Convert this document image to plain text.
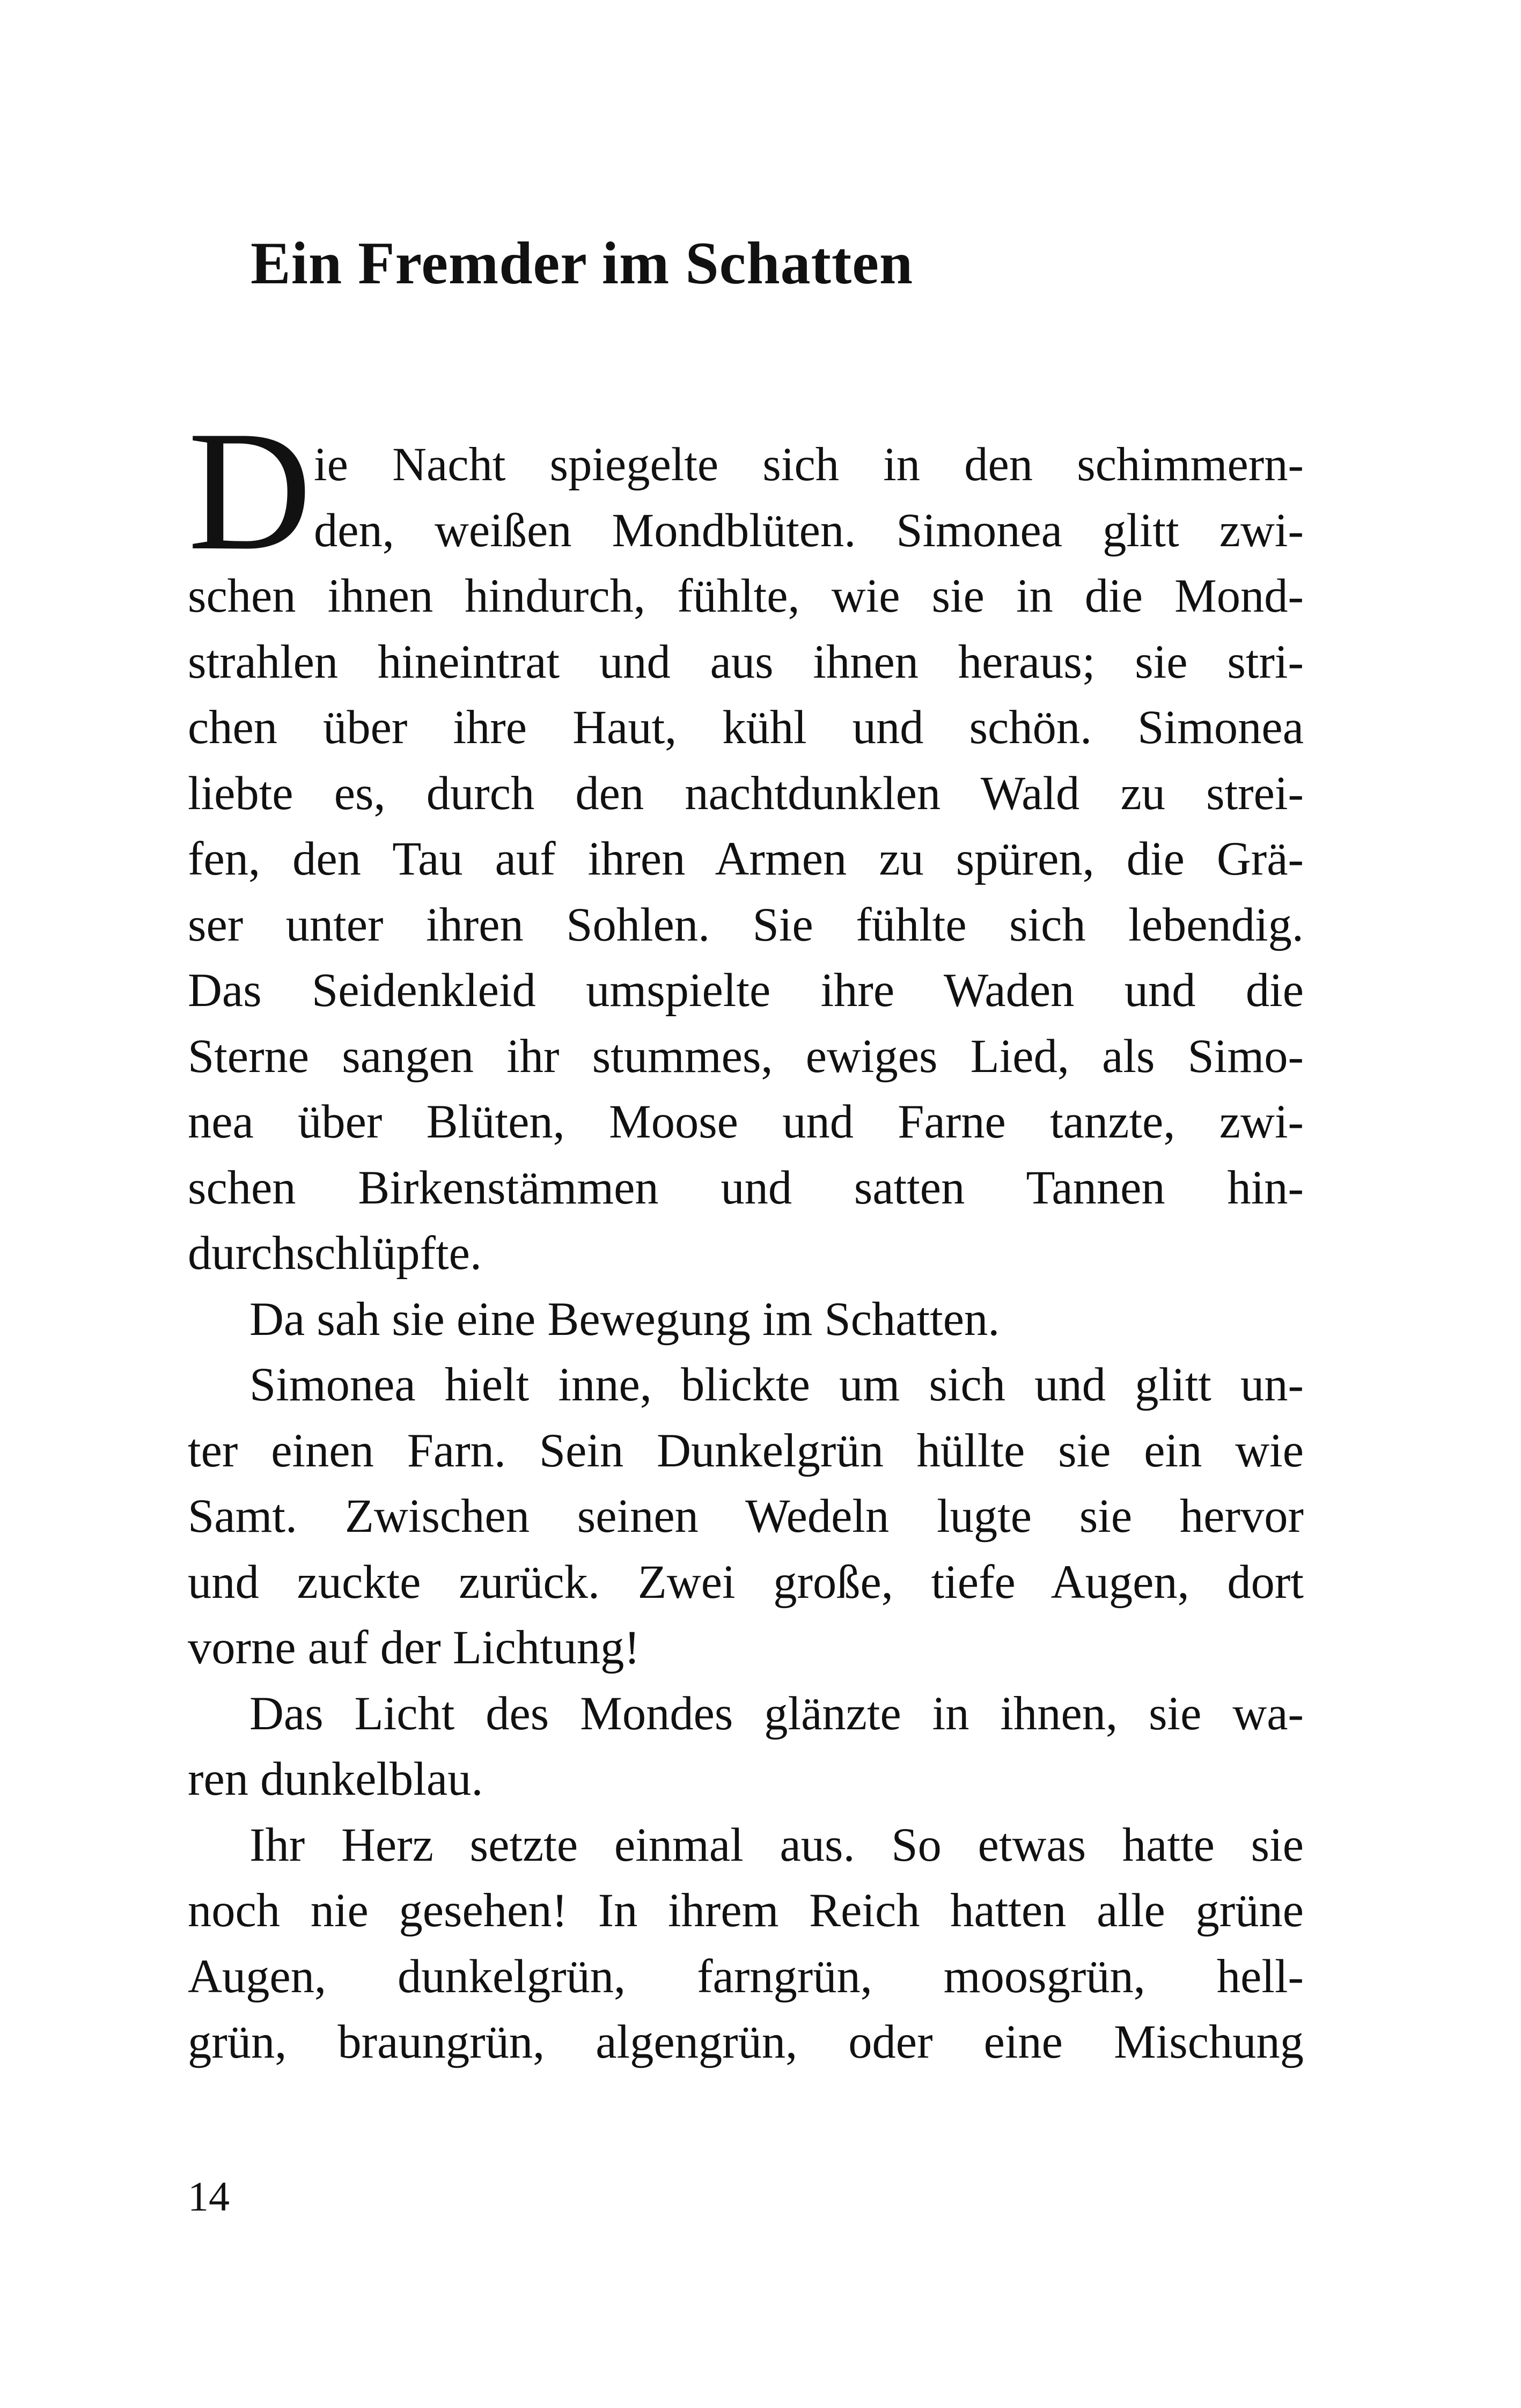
Ein Fremder im Schatten
D ie Nacht spiegelte sich in den schimmern-
den, weißen Mondblüten. Simonea glitt zwi-
schen ihnen hindurch, fühlte, wie sie in die Mond-
strahlen hineintrat und aus ihnen heraus; sie stri-
chen über ihre Haut, kühl und schön. Simonea
liebte es, durch den nachtdunklen Wald zu strei-
fen, den Tau auf ihren Armen zu spüren, die Grä-
ser unter ihren Sohlen. Sie fühlte sich lebendig.
Das Seidenkleid umspielte ihre Waden und die
Sterne sangen ihr stummes, ewiges Lied, als Simo-
nea über Blüten, Moose und Farne tanzte, zwi-
schen Birkenstämmen und satten Tannen hin-
durchschlüpfte.
Da sah sie eine Bewegung im Schatten.
Simonea hielt inne, blickte um sich und glitt un-
ter einen Farn. Sein Dunkelgrün hüllte sie ein wie
Samt. Zwischen seinen Wedeln lugte sie hervor
und zuckte zurück. Zwei große, tiefe Augen, dort
vorne auf der Lichtung!
Das Licht des Mondes glänzte in ihnen, sie wa-
ren dunkelblau.
Ihr Herz setzte einmal aus. So etwas hatte sie
noch nie gesehen! In ihrem Reich hatten alle grüne
Augen, dunkelgrün, farngrün, moosgrün, hell-
grün, braungrün, algengrün, oder eine Mischung
14
